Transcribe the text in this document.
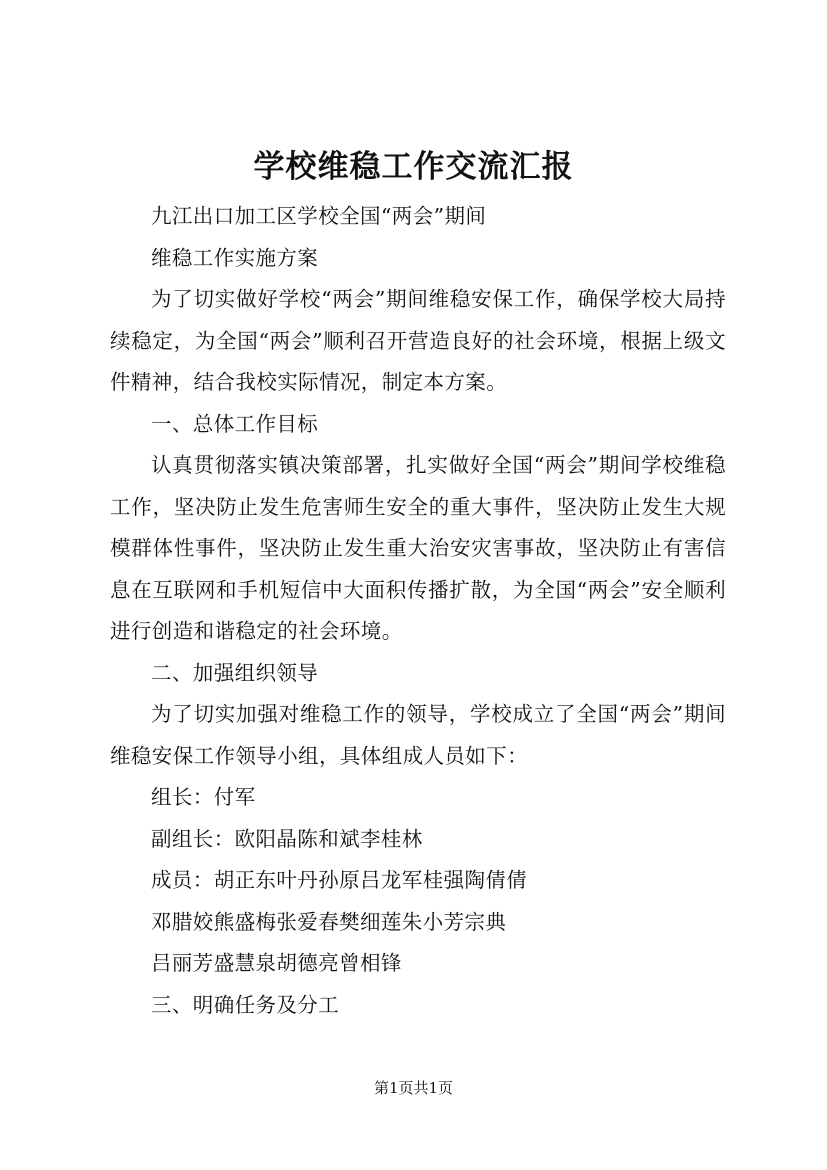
学校维稳工作交流汇报

九江出口加工区学校全国“两会”期间

维稳工作实施方案

为了切实做好学校“两会”期间维稳安保工作，确保学校大局持续稳定，为全国“两会”顺利召开营造良好的社会环境，根据上级文件精神，结合我校实际情况，制定本方案。

一、总体工作目标

认真贯彻落实镇决策部署，扎实做好全国“两会”期间学校维稳工作，坚决防止发生危害师生安全的重大事件，坚决防止发生大规模群体性事件，坚决防止发生重大治安灾害事故，坚决防止有害信息在互联网和手机短信中大面积传播扩散，为全国“两会”安全顺利进行创造和谐稳定的社会环境。

二、加强组织领导

为了切实加强对维稳工作的领导，学校成立了全国“两会”期间维稳安保工作领导小组，具体组成人员如下：

组长：付军

副组长：欧阳晶陈和斌李桂林

成员：胡正东叶丹孙原吕龙军桂强陶倩倩

邓腊姣熊盛梅张爱春樊细莲朱小芳宗典

吕丽芳盛慧泉胡德亮曾相锋

三、明确任务及分工

第1页共1页
